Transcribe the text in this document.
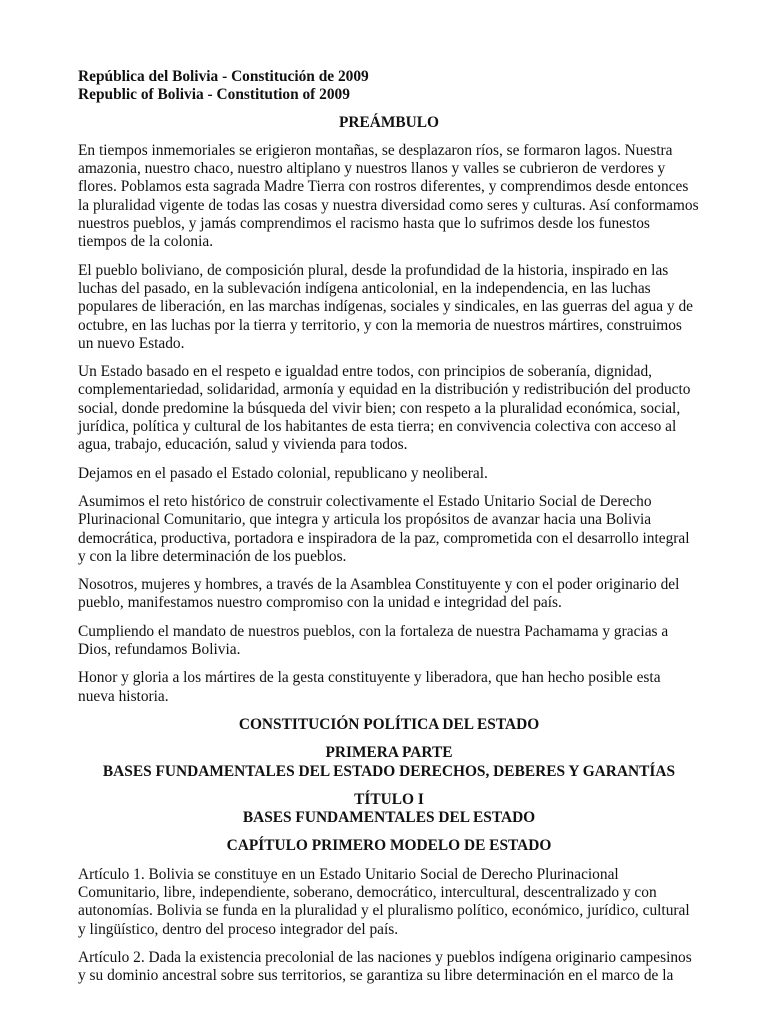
República del Bolivia - Constitución de 2009

Republic of Bolivia - Constitution of 2009

PREÁMBULO

En tiempos inmemoriales se erigieron montañas, se desplazaron ríos, se formaron lagos. Nuestra amazonia, nuestro chaco, nuestro altiplano y nuestros llanos y valles se cubrieron de verdores y flores. Poblamos esta sagrada Madre Tierra con rostros diferentes, y comprendimos desde entonces la pluralidad vigente de todas las cosas y nuestra diversidad como seres y culturas. Así conformamos nuestros pueblos, y jamás comprendimos el racismo hasta que lo sufrimos desde los funestos tiempos de la colonia.

El pueblo boliviano, de composición plural, desde la profundidad de la historia, inspirado en las luchas del pasado, en la sublevación indígena anticolonial, en la independencia, en las luchas populares de liberación, en las marchas indígenas, sociales y sindicales, en las guerras del agua y de octubre, en las luchas por la tierra y territorio, y con la memoria de nuestros mártires, construimos un nuevo Estado.

Un Estado basado en el respeto e igualdad entre todos, con principios de soberanía, dignidad, complementariedad, solidaridad, armonía y equidad en la distribución y redistribución del producto social, donde predomine la búsqueda del vivir bien; con respeto a la pluralidad económica, social, jurídica, política y cultural de los habitantes de esta tierra; en convivencia colectiva con acceso al agua, trabajo, educación, salud y vivienda para todos.

Dejamos en el pasado el Estado colonial, republicano y neoliberal.

Asumimos el reto histórico de construir colectivamente el Estado Unitario Social de Derecho Plurinacional Comunitario, que integra y articula los propósitos de avanzar hacia una Bolivia democrática, productiva, portadora e inspiradora de la paz, comprometida con el desarrollo integral y con la libre determinación de los pueblos.

Nosotros, mujeres y hombres, a través de la Asamblea Constituyente y con el poder originario del pueblo, manifestamos nuestro compromiso con la unidad e integridad del país.

Cumpliendo el mandato de nuestros pueblos, con la fortaleza de nuestra Pachamama y gracias a Dios, refundamos Bolivia.

Honor y gloria a los mártires de la gesta constituyente y liberadora, que han hecho posible esta nueva historia.

CONSTITUCIÓN POLÍTICA DEL ESTADO

PRIMERA PARTE

BASES FUNDAMENTALES DEL ESTADO DERECHOS, DEBERES Y GARANTÍAS

TÍTULO I

BASES FUNDAMENTALES DEL ESTADO

CAPÍTULO PRIMERO MODELO DE ESTADO

Artículo 1. Bolivia se constituye en un Estado Unitario Social de Derecho Plurinacional Comunitario, libre, independiente, soberano, democrático, intercultural, descentralizado y con autonomías. Bolivia se funda en la pluralidad y el pluralismo político, económico, jurídico, cultural y lingüístico, dentro del proceso integrador del país.

Artículo 2. Dada la existencia precolonial de las naciones y pueblos indígena originario campesinos y su dominio ancestral sobre sus territorios, se garantiza su libre determinación en el marco de la
